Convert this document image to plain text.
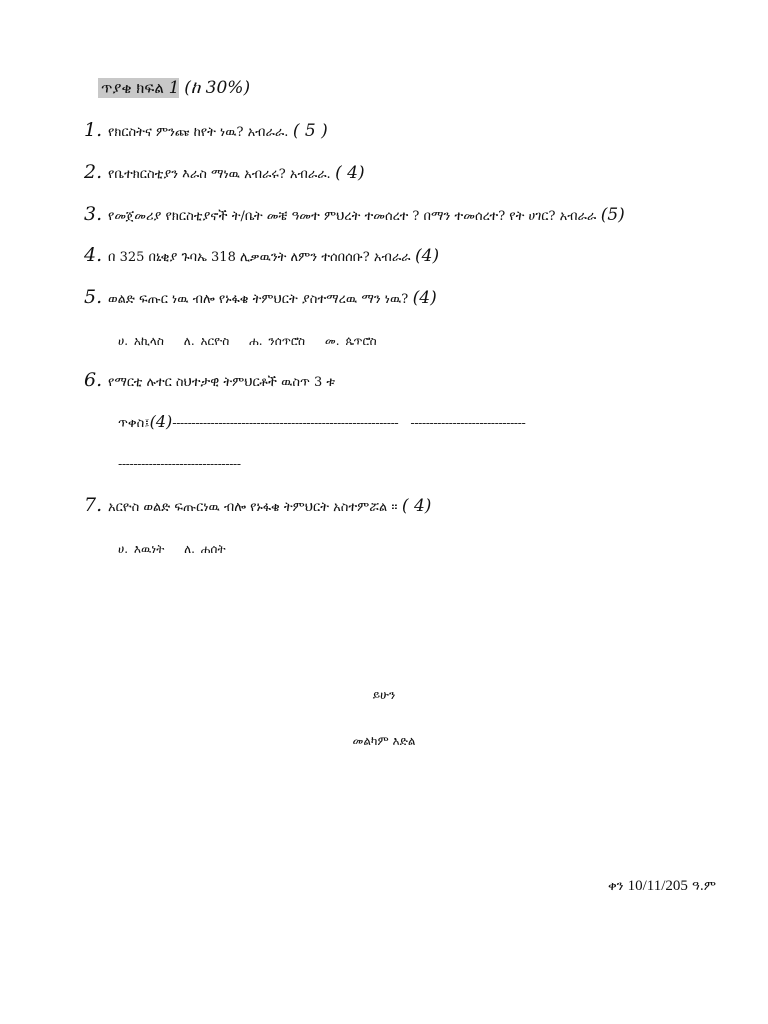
ጥያቄ ክፍል 1 (ከ 30%)
1. የክርስትና ምንጩ ከየት ነዉ? አብራራ. ( 5 )
2. የቤተክርስቲያን እራስ ማነዉ አብራሩ? አብራራ. ( 4)
3. የመጀመሪያ የክርስቲያኖች ት/ቤት መቼ ዓመተ ምህረት ተመሰረተ ? በማን ተመሰረተ? የት ሀገር? አብራራ (5)
4. በ 325 በኒቂያ ጉባኤ 318 ሊቃዉንት ለምን ተሰበሰቡ? አብራራ (4)
5. ወልድ ፍጡር ነዉ ብሎ የኑፋቄ ትምህርት ያስተማረዉ ማን ነዉ? (4)
ሀ. አኪላስ ለ. አርዮስ ሐ. ንሰጥሮስ መ. ጴጥሮስ
6. የማርቲ ሉተር ስህተታዊ ትምህርቶች ዉስጥ 3 ቱ
ጥቀስ፤(4)----------------------------------------------------------- ------------------------------
--------------------------------
7. አርዮስ ወልድ ፍጡርነዉ ብሎ የኑፋቄ ትምህርት አስተምሯል ። ( 4)
ሀ. እዉነት ለ. ሐሰት
ይሁን
መልካም እድል
ቀን 10/11/205 ዓ.ም
